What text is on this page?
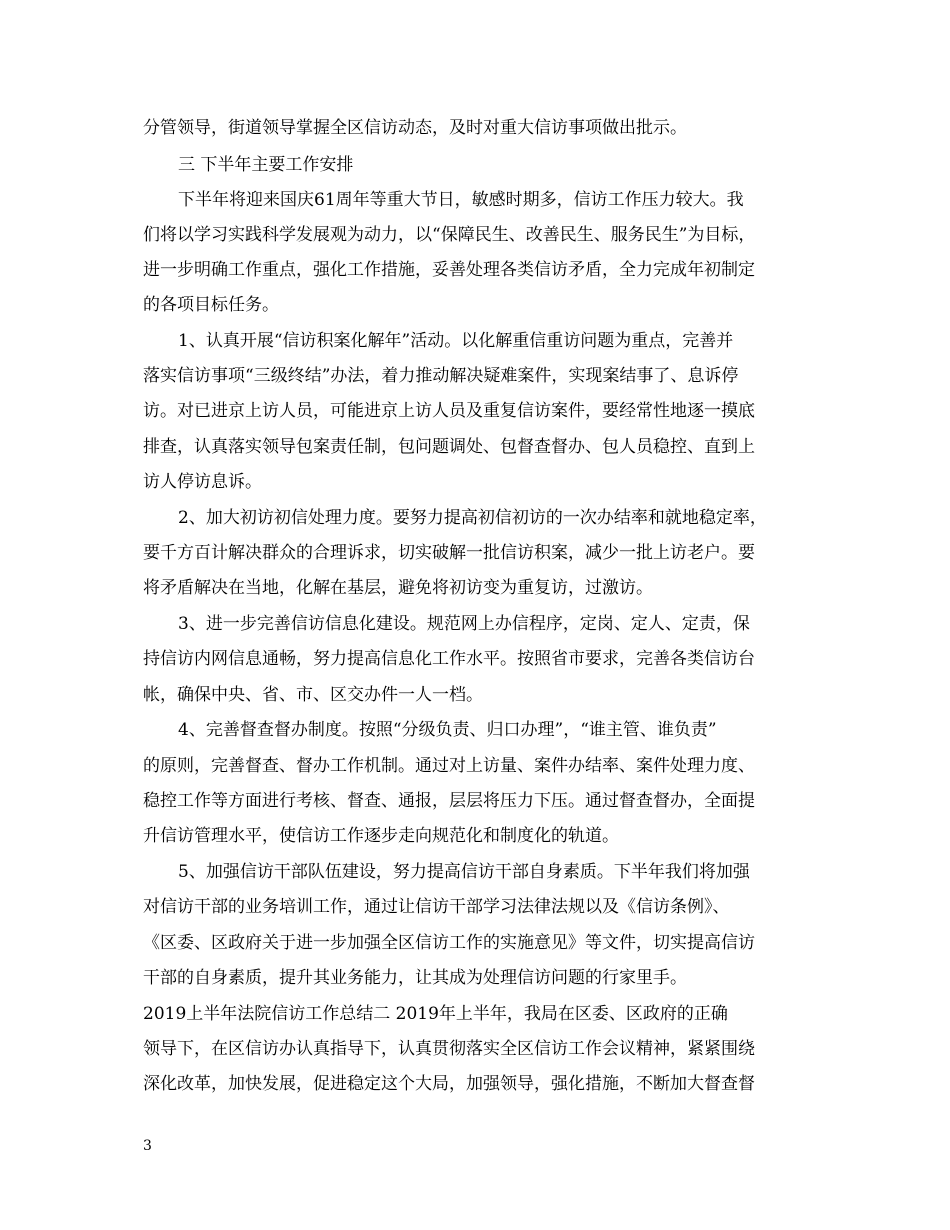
分管领导，街道领导掌握全区信访动态，及时对重大信访事项做出批示。
三 下半年主要工作安排
下半年将迎来国庆61周年等重大节日，敏感时期多，信访工作压力较大。我
们将以学习实践科学发展观为动力，以“保障民生、改善民生、服务民生”为目标，
进一步明确工作重点，强化工作措施，妥善处理各类信访矛盾，全力完成年初制定
的各项目标任务。
1、认真开展“信访积案化解年”活动。以化解重信重访问题为重点，完善并
落实信访事项“三级终结”办法，着力推动解决疑难案件，实现案结事了、息诉停
访。对已进京上访人员，可能进京上访人员及重复信访案件，要经常性地逐一摸底
排查，认真落实领导包案责任制，包问题调处、包督查督办、包人员稳控、直到上
访人停访息诉。
2、加大初访初信处理力度。要努力提高初信初访的一次办结率和就地稳定率，
要千方百计解决群众的合理诉求，切实破解一批信访积案，减少一批上访老户。要
将矛盾解决在当地，化解在基层，避免将初访变为重复访，过激访。
3、进一步完善信访信息化建设。规范网上办信程序，定岗、定人、定责，保
持信访内网信息通畅，努力提高信息化工作水平。按照省市要求，完善各类信访台
帐，确保中央、省、市、区交办件一人一档。
4、完善督查督办制度。按照“分级负责、归口办理”，“谁主管、谁负责”
的原则，完善督查、督办工作机制。通过对上访量、案件办结率、案件处理力度、
稳控工作等方面进行考核、督查、通报，层层将压力下压。通过督查督办，全面提
升信访管理水平，使信访工作逐步走向规范化和制度化的轨道。
5、加强信访干部队伍建设，努力提高信访干部自身素质。下半年我们将加强
对信访干部的业务培训工作，通过让信访干部学习法律法规以及《信访条例》、
《区委、区政府关于进一步加强全区信访工作的实施意见》等文件，切实提高信访
干部的自身素质，提升其业务能力，让其成为处理信访问题的行家里手。
2019上半年法院信访工作总结二 2019年上半年，我局在区委、区政府的正确
领导下，在区信访办认真指导下，认真贯彻落实全区信访工作会议精神，紧紧围绕
深化改革，加快发展，促进稳定这个大局，加强领导，强化措施，不断加大督查督
3
